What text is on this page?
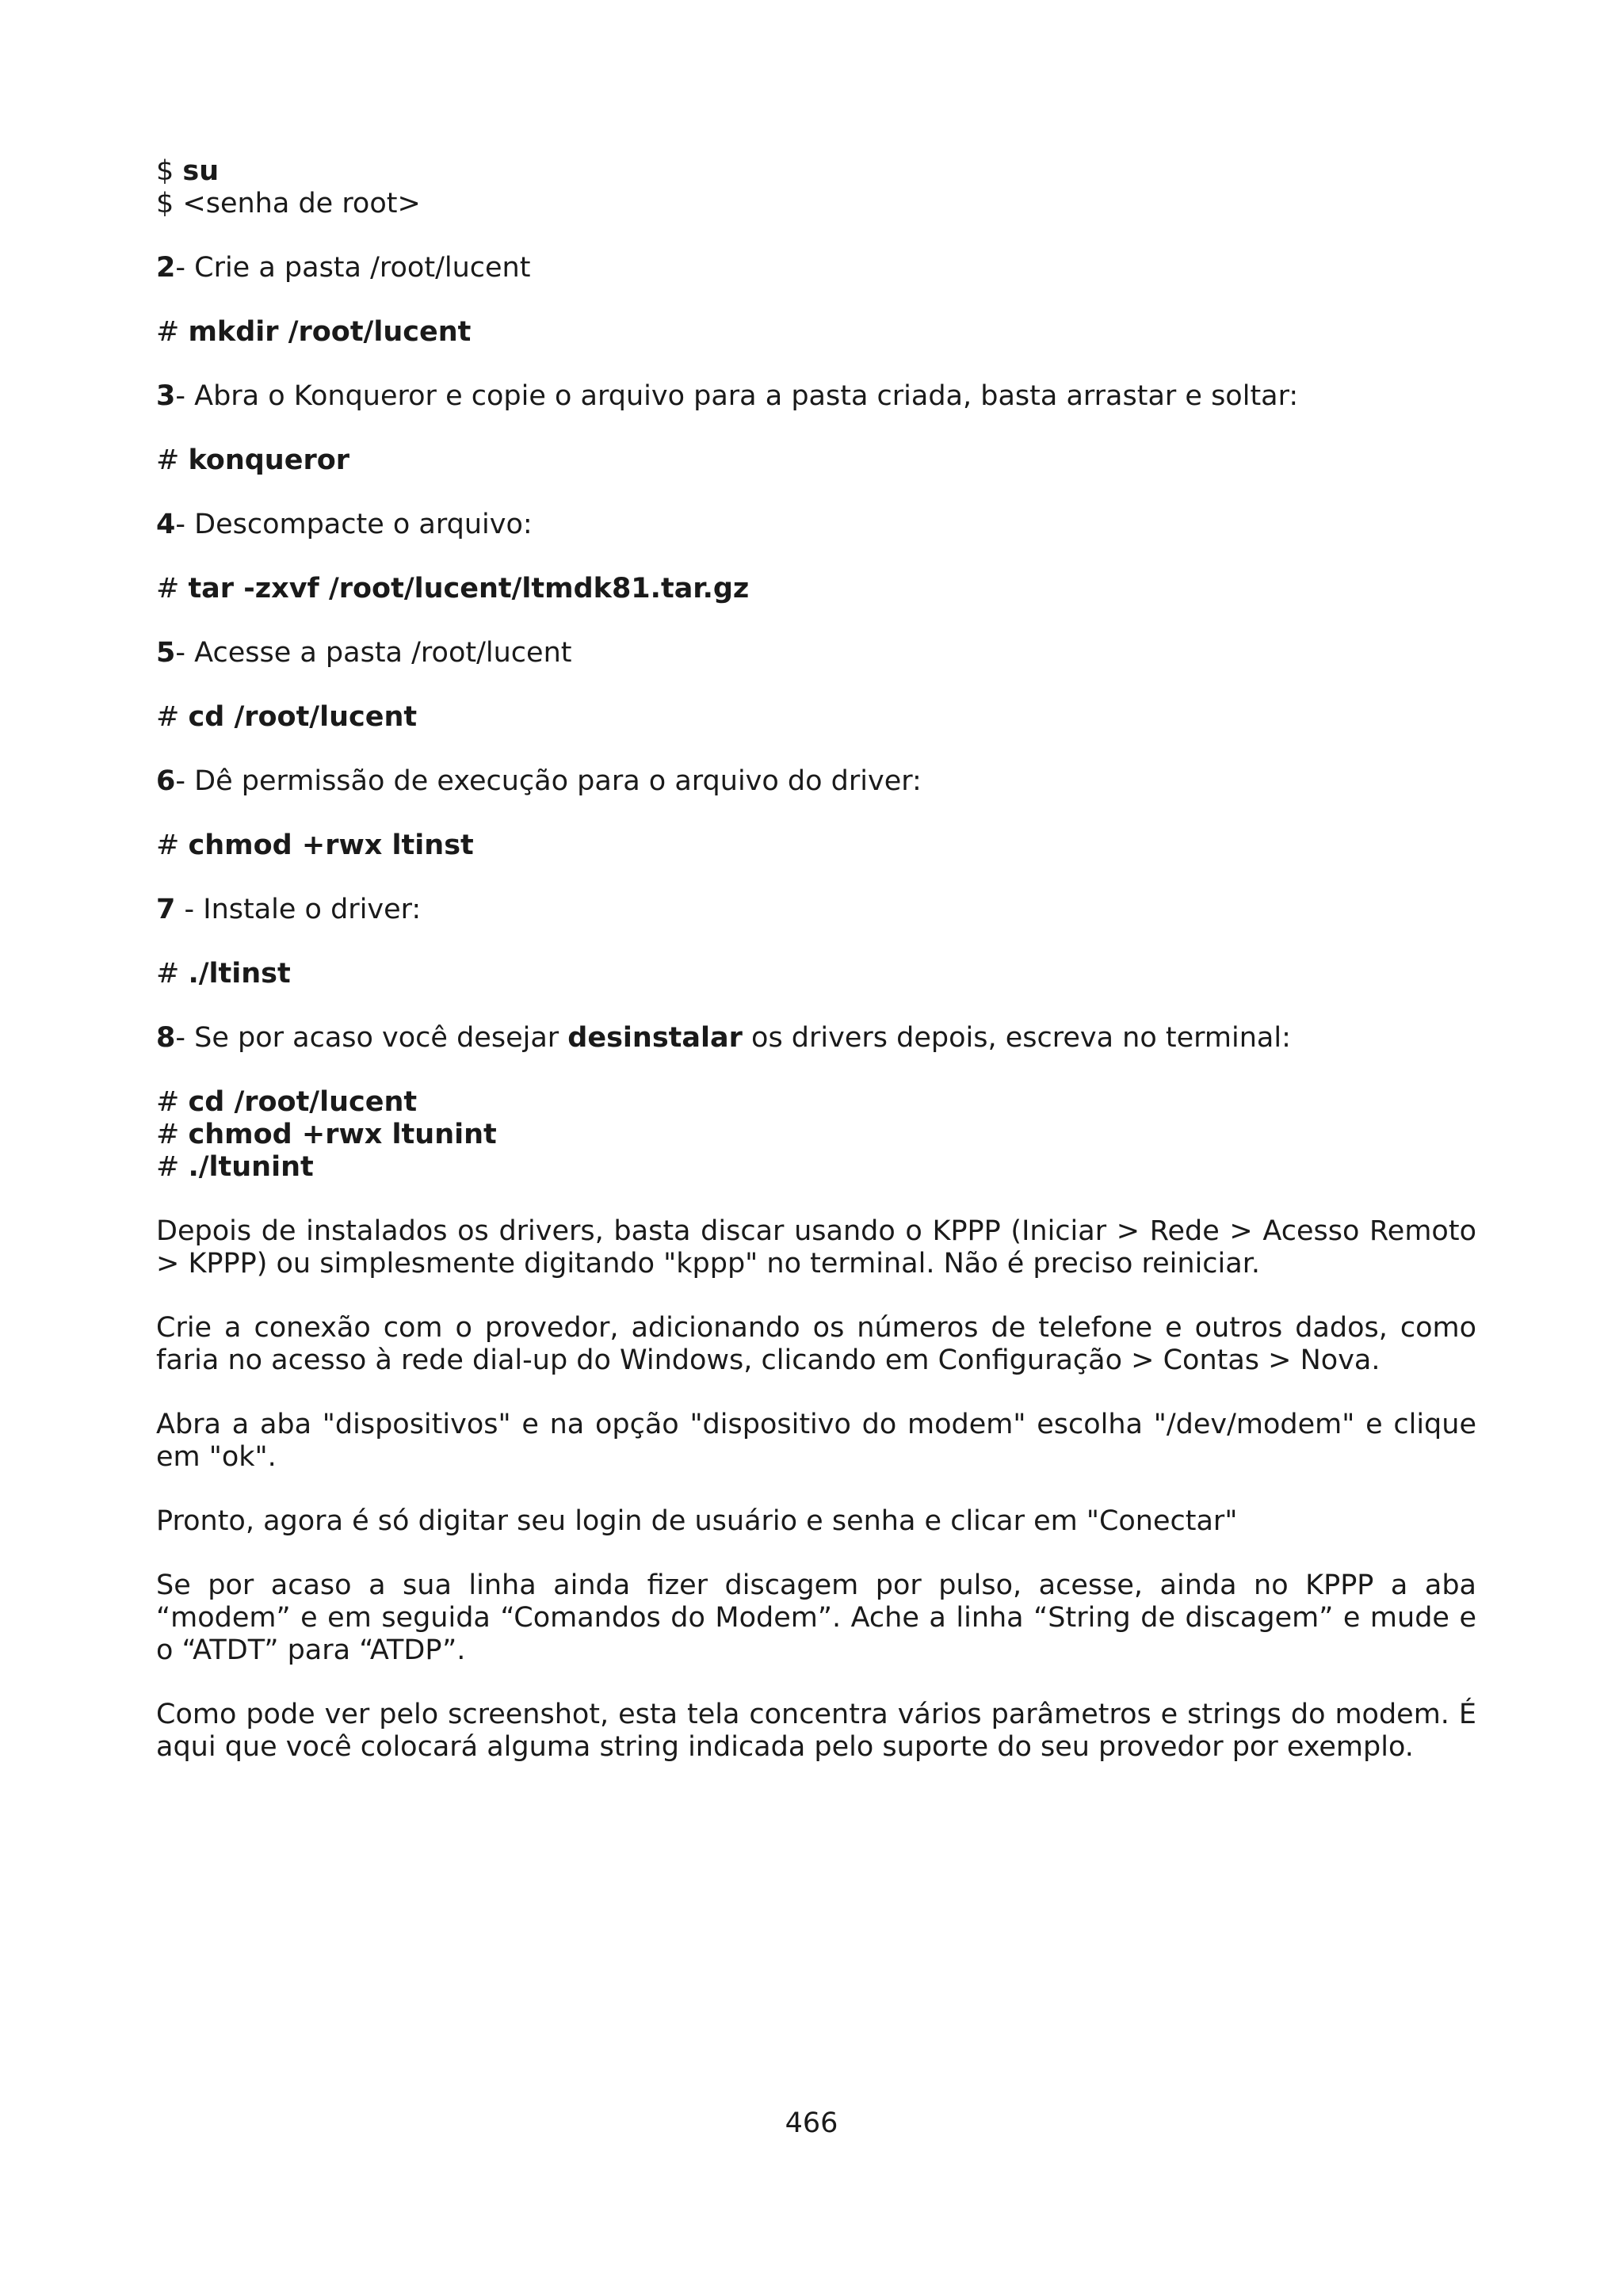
$ su

$ <senha de root>

2- Crie a pasta /root/lucent

# mkdir /root/lucent

3- Abra o Konqueror e copie o arquivo para a pasta criada, basta arrastar e soltar:

# konqueror

4- Descompacte o arquivo:

# tar -zxvf /root/lucent/ltmdk81.tar.gz

5- Acesse a pasta /root/lucent

# cd /root/lucent

6- Dê permissão de execução para o arquivo do driver:

# chmod +rwx ltinst

7 - Instale o driver:

# ./ltinst

8- Se por acaso você desejar desinstalar os drivers depois, escreva no terminal:

# cd /root/lucent

# chmod +rwx ltunint

# ./ltunint

Depois de instalados os drivers, basta discar usando o KPPP (Iniciar > Rede > Acesso Remoto > KPPP) ou simplesmente digitando "kppp" no terminal. Não é preciso reiniciar.

Crie a conexão com o provedor, adicionando os números de telefone e outros dados, como faria no acesso à rede dial-up do Windows, clicando em Configuração > Contas > Nova.

Abra a aba "dispositivos" e na opção "dispositivo do modem" escolha "/dev/modem" e clique em "ok".

Pronto, agora é só digitar seu login de usuário e senha e clicar em "Conectar"

Se por acaso a sua linha ainda fizer discagem por pulso, acesse, ainda no KPPP a aba “modem” e em seguida “Comandos do Modem”. Ache a linha “String de discagem” e mude e o “ATDT” para “ATDP”.

Como pode ver pelo screenshot, esta tela concentra vários parâmetros e strings do modem. É aqui que você colocará alguma string indicada pelo suporte do seu provedor por exemplo.

466
